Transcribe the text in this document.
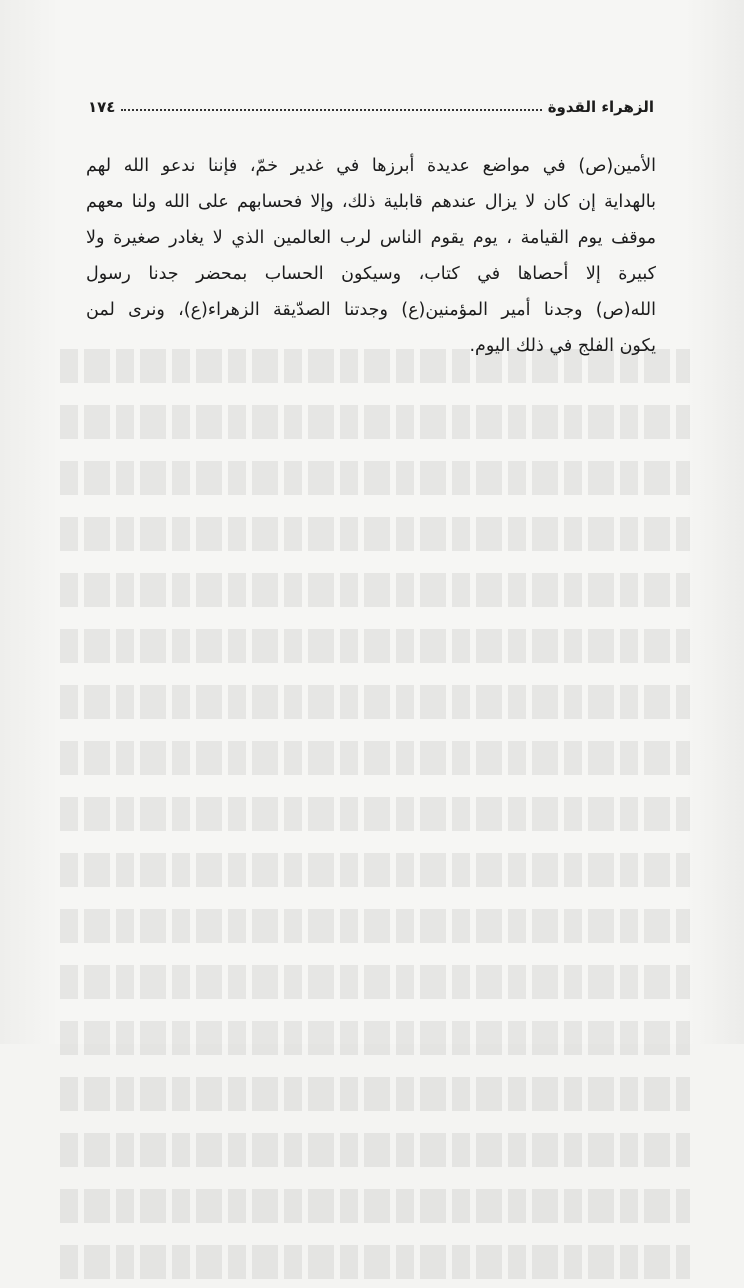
الزهراء القدوة
١٧٤
الأمين(ص) في مواضع عديدة أبرزها في غدير خمّ، فإننا ندعو الله لهم
بالهداية إن كان لا يزال عندهم قابلية ذلك، وإلا فحسابهم على الله ولنا معهم
موقف يوم القيامة ، يوم يقوم الناس لرب العالمين الذي لا يغادر صغيرة ولا
كبيرة إلا أحصاها في كتاب، وسيكون الحساب بمحضر جدنا رسول
الله(ص) وجدنا أمير المؤمنين(ع) وجدتنا الصدّيقة الزهراء(ع)، ونرى لمن
يكون الفلج في ذلك اليوم.
